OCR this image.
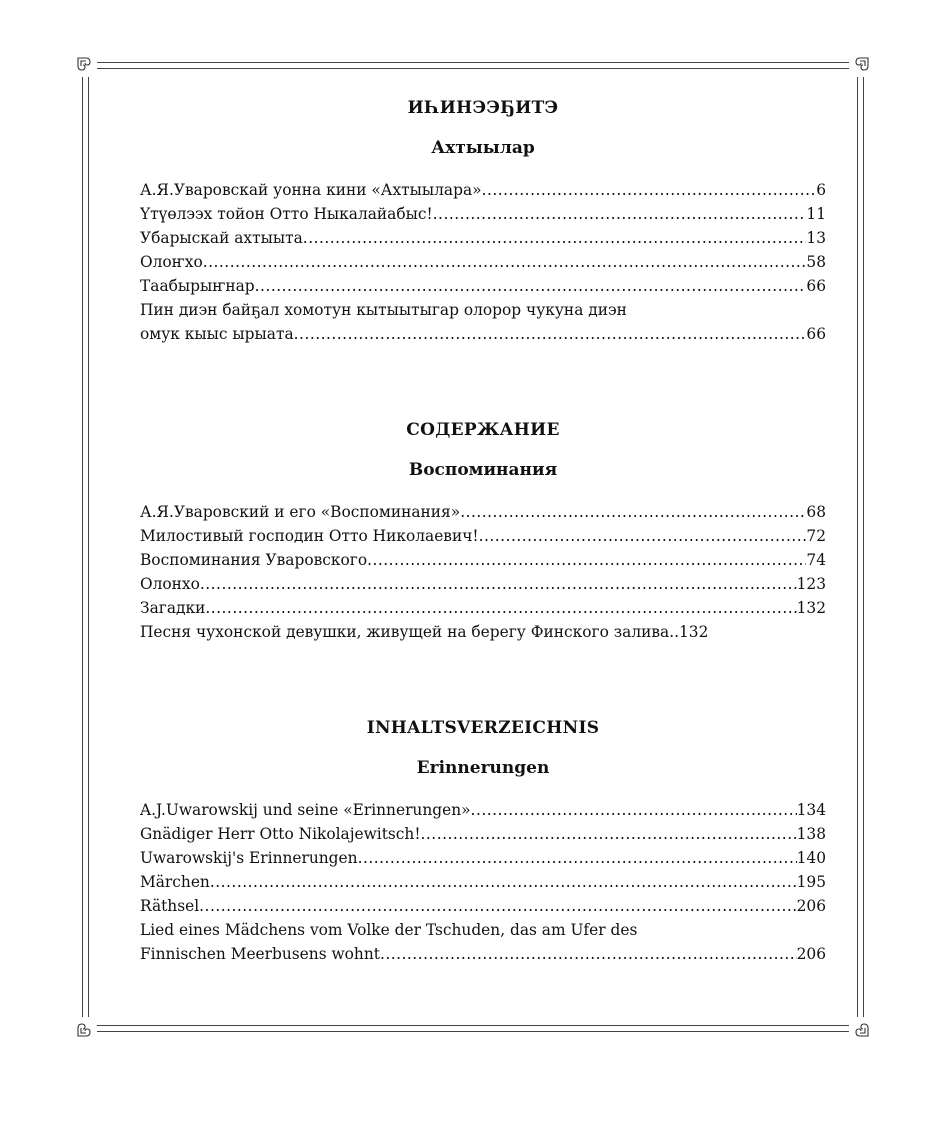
ИҺИНЭЭҔИТЭ
Ахтыылар
А.Я.Уваровскай уонна кини «Ахтыылара» .....	6
Үтүөлээх тойон Отто Ныкалайабыс! .....	11
Убарыскай ахтыыта .....	13
Олоҥхо .....	58
Таабырыҥнар .....	66
Пин диэн байҕал хомотун кытыытыгар олорор чукуна диэн
омук кыыс ырыата .....	66
СОДЕРЖАНИЕ
Воспоминания
А.Я.Уваровский и его «Воспоминания» .....	68
Милостивый господин Отто Николаевич! .....	72
Воспоминания Уваровского .....	74
Олонхо .....	123
Загадки .....	132
Песня чухонской девушки, живущей на берегу Финского залива.. 132
INHALTSVERZEICHNIS
Erinnerungen
A.J.Uwarowskij und seine «Erinnerungen» .....	134
Gnädiger Herr Otto Nikolajewitsch! .....	138
Uwarowskij's Erinnerungen .....	140
Märchen .....	195
Räthsel .....	206
Lied eines Mädchens vom Volke der Tschuden, das am Ufer des
Finnischen Meerbusens wohnt .....	206
